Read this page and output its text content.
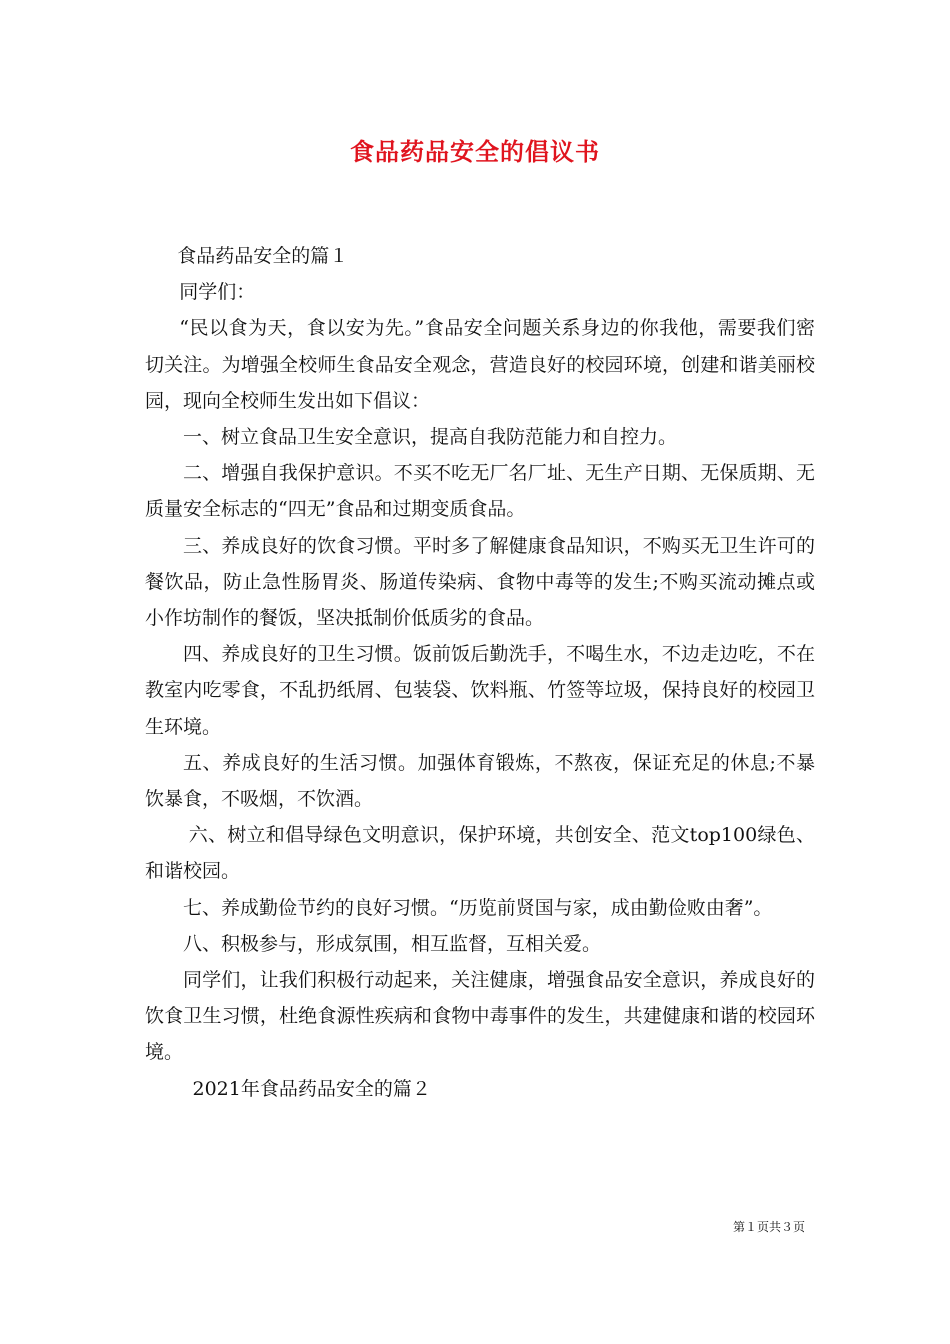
食品药品安全的倡议书

食品药品安全的篇１

同学们：

“民以食为天，食以安为先。”食品安全问题关系身边的你我他，需要我们密切关注。为增强全校师生食品安全观念，营造良好的校园环境，创建和谐美丽校园，现向全校师生发出如下倡议：

一、树立食品卫生安全意识，提高自我防范能力和自控力。

二、增强自我保护意识。不买不吃无厂名厂址、无生产日期、无保质期、无质量安全标志的“四无”食品和过期变质食品。

三、养成良好的饮食习惯。平时多了解健康食品知识，不购买无卫生许可的餐饮品，防止急性肠胃炎、肠道传染病、食物中毒等的发生;不购买流动摊点或小作坊制作的餐饭，坚决抵制价低质劣的食品。

四、养成良好的卫生习惯。饭前饭后勤洗手，不喝生水，不边走边吃，不在教室内吃零食，不乱扔纸屑、包装袋、饮料瓶、竹签等垃圾，保持良好的校园卫生环境。

五、养成良好的生活习惯。加强体育锻炼，不熬夜，保证充足的休息;不暴饮暴食，不吸烟，不饮酒。

六、树立和倡导绿色文明意识，保护环境，共创安全、范文top100绿色、和谐校园。

七、养成勤俭节约的良好习惯。“历览前贤国与家，成由勤俭败由奢”。

八、积极参与，形成氛围，相互监督，互相关爱。

同学们，让我们积极行动起来，关注健康，增强食品安全意识，养成良好的饮食卫生习惯，杜绝食源性疾病和食物中毒事件的发生，共建健康和谐的校园环境。

2021年食品药品安全的篇２

第１页共３页
